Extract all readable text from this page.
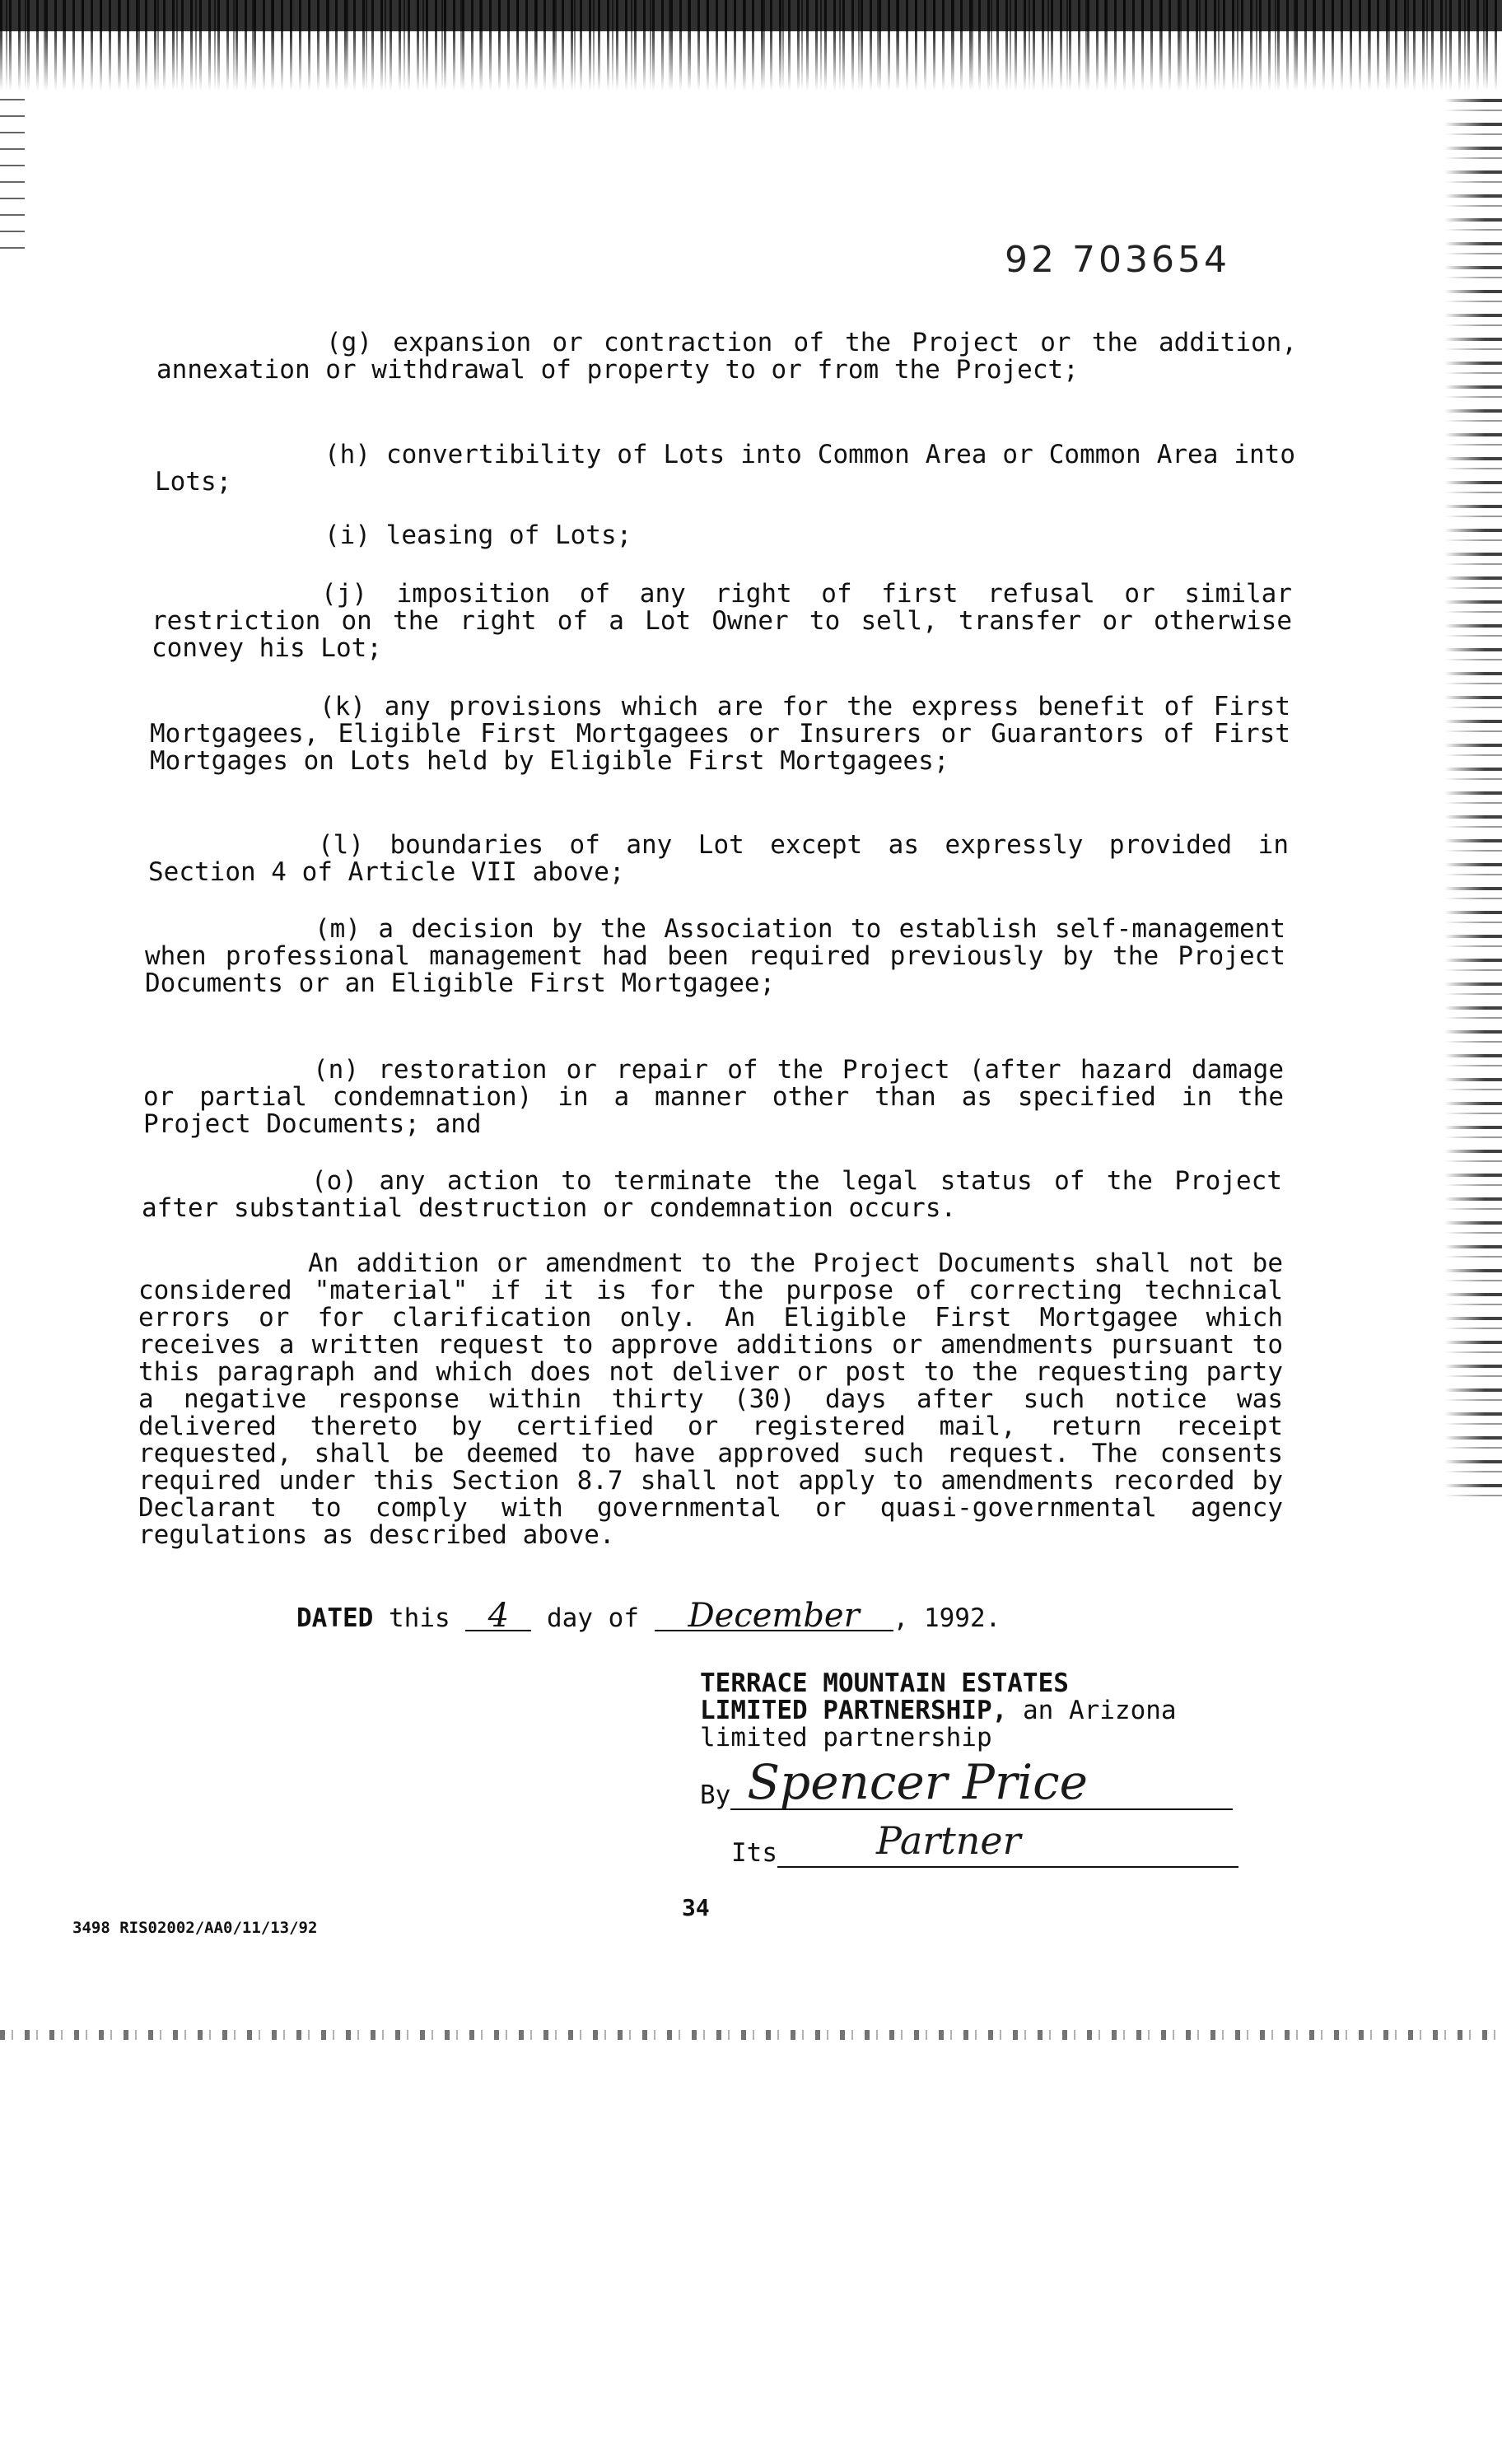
92 703654
(g) expansion or contraction of the Project or the addition, annexation or withdrawal of property to or from the Project;
(h) convertibility of Lots into Common Area or Common Area into Lots;
(i) leasing of Lots;
(j) imposition of any right of first refusal or similar restriction on the right of a Lot Owner to sell, transfer or otherwise convey his Lot;
(k) any provisions which are for the express benefit of First Mortgagees, Eligible First Mortgagees or Insurers or Guarantors of First Mortgages on Lots held by Eligible First Mortgagees;
(l) boundaries of any Lot except as expressly provided in Section 4 of Article VII above;
(m) a decision by the Association to establish self-management when professional management had been required previously by the Project Documents or an Eligible First Mortgagee;
(n) restoration or repair of the Project (after hazard damage or partial condemnation) in a manner other than as specified in the Project Documents; and
(o) any action to terminate the legal status of the Project after substantial destruction or condemnation occurs.
An addition or amendment to the Project Documents shall not be considered "material" if it is for the purpose of correcting technical errors or for clarification only. An Eligible First Mortgagee which receives a written request to approve additions or amendments pursuant to this paragraph and which does not deliver or post to the requesting party a negative response within thirty (30) days after such notice was delivered thereto by certified or registered mail, return receipt requested, shall be deemed to have approved such request. The consents required under this Section 8.7 shall not apply to amendments recorded by Declarant to comply with governmental or quasi-governmental agency regulations as described above.
DATED this 4 day of December , 1992.
TERRACE MOUNTAIN ESTATES
LIMITED PARTNERSHIP, an Arizona
limited partnership
By Spencer Price
Its	Partner
34
3498 RIS02002/AA0/11/13/92
